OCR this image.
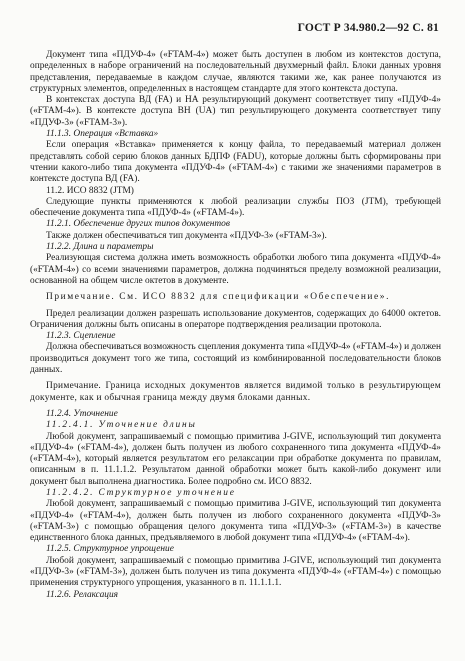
ГОСТ Р 34.980.2—92 С. 81

Документ типа «ПДУФ-4» («FTAM-4») может быть доступен в любом из контекстов доступа, определенных в наборе ограничений на последовательный двухмерный файл. Блоки данных уровня представления, передаваемые в каждом случае, являются такими же, как ранее получаются из структурных элементов, определенных в настоящем стандарте для этого контекста доступа.

В контекстах доступа ВД (FA) и НА результирующий документ соответствует типу «ПДУФ-4» («FTAM-4»). В контексте доступа ВН (UA) тип результирующего документа соответствует типу «ПДУФ-3» («FTAM-3»).

11.1.3. Операция «Вставка»

Если операция «Вставка» применяется к концу файла, то передаваемый материал должен представлять собой серию блоков данных БДПФ (FADU), которые должны быть сформированы при чтении какого-либо типа документа «ПДУФ-4» («FTAM-4») с такими же значениями параметров в контексте доступа ВД (FA).

11.2. ИСО 8832 (JTM)

Следующие пункты применяются к любой реализации службы ПОЗ (JTM), требующей обеспечение документа типа «ПДУФ-4» («FTAM-4»).

11.2.1. Обеспечение других типов документов

Также должен обеспечиваться тип документа «ПДУФ-3» («FTAM-3»).

11.2.2. Длина и параметры

Реализующая система должна иметь возможность обработки любого типа документа «ПДУФ-4» («FTAM-4») со всеми значениями параметров, должна подчиняться пределу возможной реализации, основанной на общем числе октетов в документе.

Примечание. См. ИСО 8832 для спецификации «Обеспечение».

Предел реализации должен разрешать использование документов, содержащих до 64000 октетов. Ограничения должны быть описаны в операторе подтверждения реализации протокола.

11.2.3. Сцепление

Должна обеспечиваться возможность сцепления документа типа «ПДУФ-4» («FTAM-4») и должен производиться документ того же типа, состоящий из комбинированной последовательности блоков данных.

Примечание. Граница исходных документов является видимой только в результирующем документе, как и обычная граница между двумя блоками данных.

11.2.4. Уточнение

11.2.4.1. Уточнение длины

Любой документ, запрашиваемый с помощью примитива J-GIVE, использующий тип документа «ПДУФ-4» («FTAM-4»), должен быть получен из любого сохраненного типа документа «ПДУФ-4» («FTAM-4»), который является результатом его релаксации при обработке документа по правилам, описанным в п. 11.1.1.2. Результатом данной обработки может быть какой-либо документ или документ был выполнена диагностика. Более подробно см. ИСО 8832.

11.2.4.2. Структурное уточнение

Любой документ, запрашиваемый с помощью примитива J-GIVE, использующий тип документа «ПДУФ-4» («FTAM-4»), должен быть получен из любого сохраненного документа «ПДУФ-3» («FTAM-3») с помощью обращения целого документа типа «ПДУФ-3» («FTAM-3») в качестве единственного блока данных, предъявляемого в любой документ типа «ПДУФ-4» («FTAM-4»).

11.2.5. Структурное упрощение

Любой документ, запрашиваемый с помощью примитива J-GIVE, использующий тип документа «ПДУФ-3» («FTAM-3»), должен быть получен из типа документа «ПДУФ-4» («FTAM-4») с помощью применения структурного упрощения, указанного в п. 11.1.1.1.

11.2.6. Релаксация
